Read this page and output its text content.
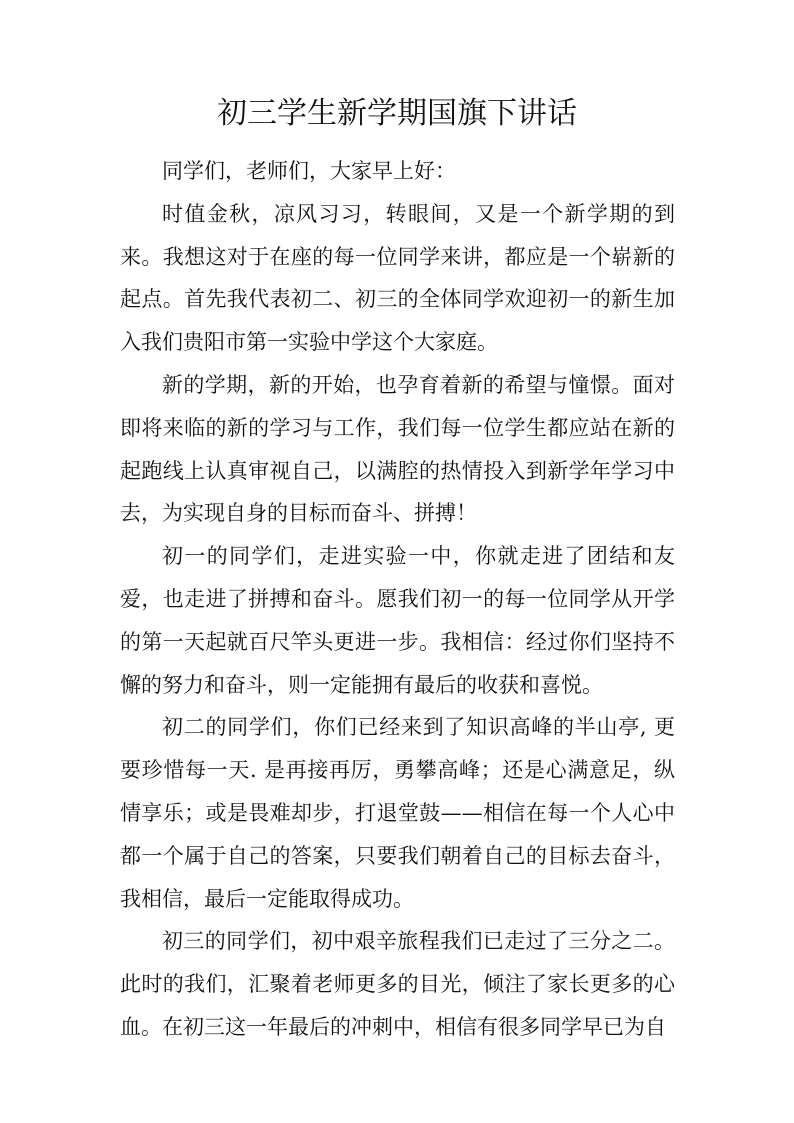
初三学生新学期国旗下讲话

同学们，老师们，大家早上好：

时值金秋，凉风习习，转眼间，又是一个新学期的到来。我想这对于在座的每一位同学来讲，都应是一个崭新的起点。首先我代表初二、初三的全体同学欢迎初一的新生加入我们贵阳市第一实验中学这个大家庭。

新的学期，新的开始，也孕育着新的希望与憧憬。面对即将来临的新的学习与工作，我们每一位学生都应站在新的起跑线上认真审视自己，以满腔的热情投入到新学年学习中去，为实现自身的目标而奋斗、拼搏！

初一的同学们，走进实验一中，你就走进了团结和友爱，也走进了拼搏和奋斗。愿我们初一的每一位同学从开学的第一天起就百尺竿头更进一步。我相信：经过你们坚持不懈的努力和奋斗，则一定能拥有最后的收获和喜悦。

初二的同学们，你们已经来到了知识高峰的半山亭, 更要珍惜每一天. 是再接再厉，勇攀高峰；还是心满意足，纵情享乐；或是畏难却步，打退堂鼓——相信在每一个人心中都一个属于自己的答案，只要我们朝着自己的目标去奋斗，我相信，最后一定能取得成功。

初三的同学们，初中艰辛旅程我们已走过了三分之二。此时的我们，汇聚着老师更多的目光，倾注了家长更多的心血。在初三这一年最后的冲刺中，相信有很多同学早已为自
